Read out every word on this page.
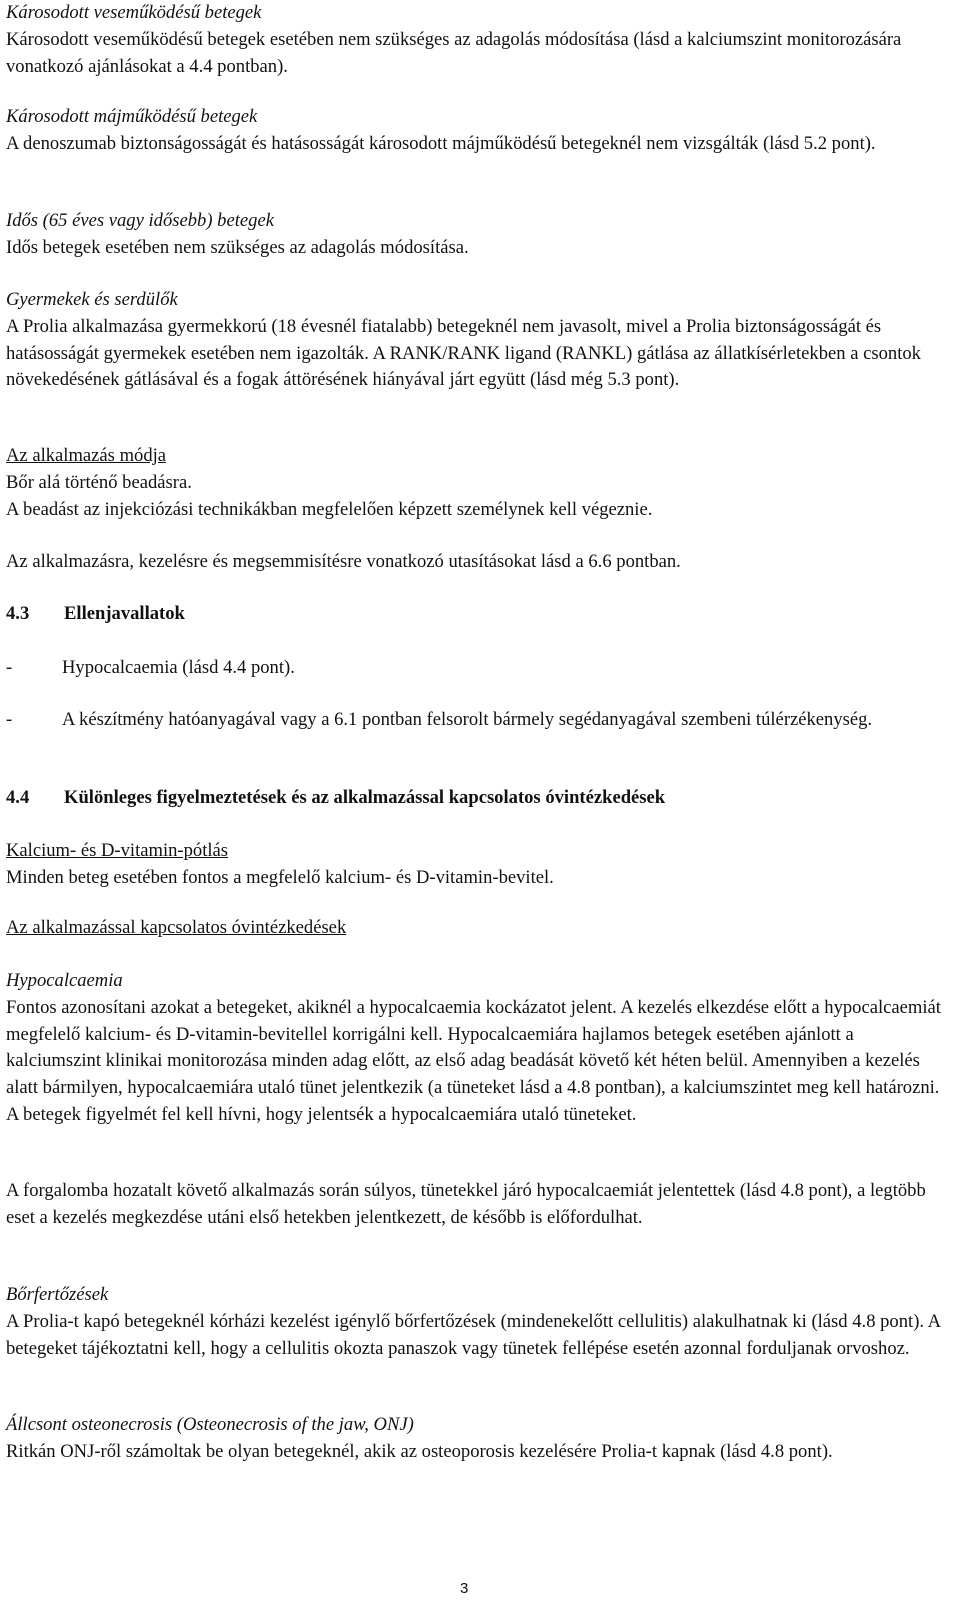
Károsodott veseműködésű betegek

Károsodott veseműködésű betegek esetében nem szükséges az adagolás módosítása (lásd a kalciumszint monitorozására vonatkozó ajánlásokat a 4.4 pontban).

Károsodott májműködésű betegek

A denoszumab biztonságosságát és hatásosságát károsodott májműködésű betegeknél nem vizsgálták (lásd 5.2 pont).

Idős (65 éves vagy idősebb) betegek

Idős betegek esetében nem szükséges az adagolás módosítása.

Gyermekek és serdülők

A Prolia alkalmazása gyermekkorú (18 évesnél fiatalabb) betegeknél nem javasolt, mivel a Prolia biztonságosságát és hatásosságát gyermekek esetében nem igazolták. A RANK/RANK ligand (RANKL) gátlása az állatkísérletekben a csontok növekedésének gátlásával és a fogak áttörésének hiányával járt együtt (lásd még 5.3 pont).

Az alkalmazás módja

Bőr alá történő beadásra.

A beadást az injekciózási technikákban megfelelően képzett személynek kell végeznie.

Az alkalmazásra, kezelésre és megsemmisítésre vonatkozó utasításokat lásd a 6.6 pontban.

4.3 Ellenjavallatok
-	Hypocalcaemia (lásd 4.4 pont).
-	A készítmény hatóanyagával vagy a 6.1 pontban felsorolt bármely segédanyagával szembeni túlérzékenység.
4.4 Különleges figyelmeztetések és az alkalmazással kapcsolatos óvintézkedések

Kalcium- és D-vitamin-pótlás

Minden beteg esetében fontos a megfelelő kalcium- és D-vitamin-bevitel.

Az alkalmazással kapcsolatos óvintézkedések

Hypocalcaemia

Fontos azonosítani azokat a betegeket, akiknél a hypocalcaemia kockázatot jelent. A kezelés elkezdése előtt a hypocalcaemiát megfelelő kalcium- és D-vitamin-bevitellel korrigálni kell. Hypocalcaemiára hajlamos betegek esetében ajánlott a kalciumszint klinikai monitorozása minden adag előtt, az első adag beadását követő két héten belül. Amennyiben a kezelés alatt bármilyen, hypocalcaemiára utaló tünet jelentkezik (a tüneteket lásd a 4.8 pontban), a kalciumszintet meg kell határozni. A betegek figyelmét fel kell hívni, hogy jelentsék a hypocalcaemiára utaló tüneteket.

A forgalomba hozatalt követő alkalmazás során súlyos, tünetekkel járó hypocalcaemiát jelentettek (lásd 4.8 pont), a legtöbb eset a kezelés megkezdése utáni első hetekben jelentkezett, de később is előfordulhat.

Bőrfertőzések

A Prolia-t kapó betegeknél kórházi kezelést igénylő bőrfertőzések (mindenekelőtt cellulitis) alakulhatnak ki (lásd 4.8 pont). A betegeket tájékoztatni kell, hogy a cellulitis okozta panaszok vagy tünetek fellépése esetén azonnal forduljanak orvoshoz.

Állcsont osteonecrosis (Osteonecrosis of the jaw, ONJ)

Ritkán ONJ-ről számoltak be olyan betegeknél, akik az osteoporosis kezelésére Prolia-t kapnak (lásd 4.8 pont).

3
